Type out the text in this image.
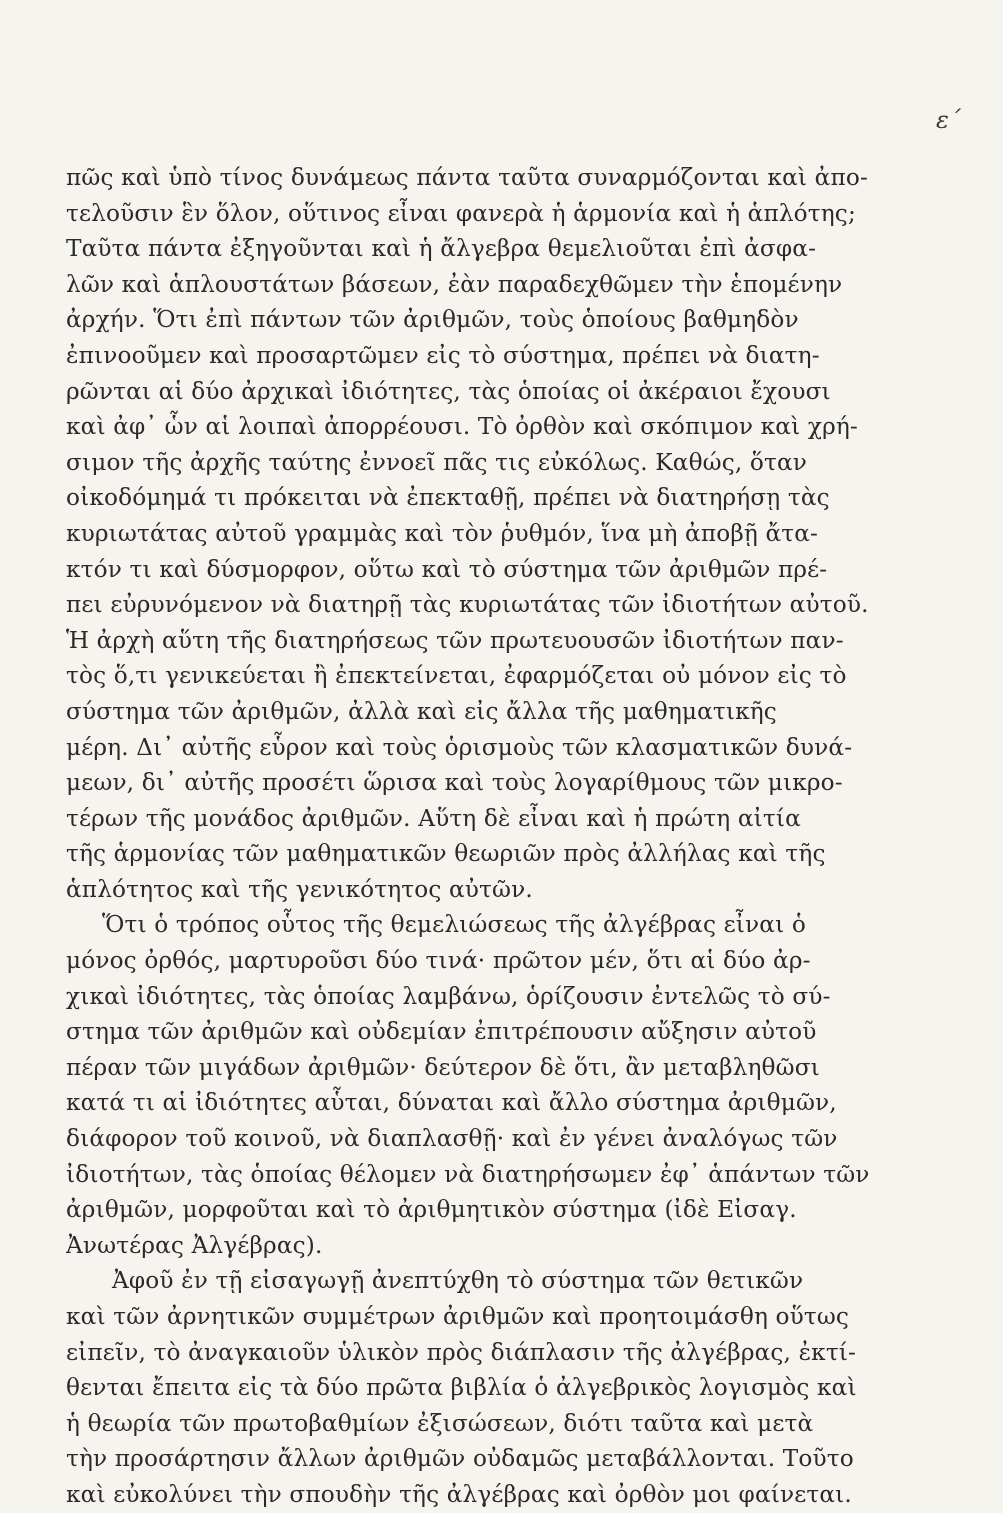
ε΄
πῶς καὶ ὑπὸ τίνος δυνάμεως πάντα ταῦτα συναρμόζονται καὶ ἀπο-
τελοῦσιν ἓν ὅλον, οὕτινος εἶναι φανερὰ ἡ ἁρμονία καὶ ἡ ἁπλότης;
Ταῦτα πάντα ἐξηγοῦνται καὶ ἡ ἄλγεβρα θεμελιοῦται ἐπὶ ἀσφα-
λῶν καὶ ἁπλουστάτων βάσεων, ἐὰν παραδεχθῶμεν τὴν ἑπομένην
ἀρχήν. Ὅτι ἐπὶ πάντων τῶν ἀριθμῶν, τοὺς ὁποίους βαθμηδὸν
ἐπινοοῦμεν καὶ προσαρτῶμεν εἰς τὸ σύστημα, πρέπει νὰ διατη-
ρῶνται αἱ δύο ἀρχικαὶ ἰδιότητες, τὰς ὁποίας οἱ ἀκέραιοι ἔχουσι
καὶ ἀφ᾽ ὧν αἱ λοιπαὶ ἀπορρέουσι. Τὸ ὀρθὸν καὶ σκόπιμον καὶ χρή-
σιμον τῆς ἀρχῆς ταύτης ἐννοεῖ πᾶς τις εὐκόλως. Καθώς, ὅταν
οἰκοδόμημά τι πρόκειται νὰ ἐπεκταθῇ, πρέπει νὰ διατηρήσῃ τὰς
κυριωτάτας αὐτοῦ γραμμὰς καὶ τὸν ῥυθμόν, ἵνα μὴ ἀποβῇ ἄτα-
κτόν τι καὶ δύσμορφον, οὕτω καὶ τὸ σύστημα τῶν ἀριθμῶν πρέ-
πει εὐρυνόμενον νὰ διατηρῇ τὰς κυριωτάτας τῶν ἰδιοτήτων αὐτοῦ.
Ἡ ἀρχὴ αὕτη τῆς διατηρήσεως τῶν πρωτευουσῶν ἰδιοτήτων παν-
τὸς ὅ,τι γενικεύεται ἢ ἐπεκτείνεται, ἐφαρμόζεται οὐ μόνον εἰς τὸ
σύστημα τῶν ἀριθμῶν, ἀλλὰ καὶ εἰς ἄλλα τῆς μαθηματικῆς
μέρη. Δι᾽ αὐτῆς εὗρον καὶ τοὺς ὁρισμοὺς τῶν κλασματικῶν δυνά-
μεων, δι᾽ αὐτῆς προσέτι ὥρισα καὶ τοὺς λογαρίθμους τῶν μικρο-
τέρων τῆς μονάδος ἀριθμῶν. Αὕτη δὲ εἶναι καὶ ἡ πρώτη αἰτία
τῆς ἁρμονίας τῶν μαθηματικῶν θεωριῶν πρὸς ἀλλήλας καὶ τῆς
ἁπλότητος καὶ τῆς γενικότητος αὐτῶν.
Ὅτι ὁ τρόπος οὗτος τῆς θεμελιώσεως τῆς ἀλγέβρας εἶναι ὁ
μόνος ὀρθός, μαρτυροῦσι δύο τινά· πρῶτον μέν, ὅτι αἱ δύο ἀρ-
χικαὶ ἰδιότητες, τὰς ὁποίας λαμβάνω, ὁρίζουσιν ἐντελῶς τὸ σύ-
στημα τῶν ἀριθμῶν καὶ οὐδεμίαν ἐπιτρέπουσιν αὔξησιν αὐτοῦ
πέραν τῶν μιγάδων ἀριθμῶν· δεύτερον δὲ ὅτι, ἂν μεταβληθῶσι
κατά τι αἱ ἰδιότητες αὗται, δύναται καὶ ἄλλο σύστημα ἀριθμῶν,
διάφορον τοῦ κοινοῦ, νὰ διαπλασθῇ· καὶ ἐν γένει ἀναλόγως τῶν
ἰδιοτήτων, τὰς ὁποίας θέλομεν νὰ διατηρήσωμεν ἐφ᾽ ἁπάντων τῶν
ἀριθμῶν, μορφοῦται καὶ τὸ ἀριθμητικὸν σύστημα (ἰδὲ Εἰσαγ.
Ἀνωτέρας Ἀλγέβρας).
Ἀφοῦ ἐν τῇ εἰσαγωγῇ ἀνεπτύχθη τὸ σύστημα τῶν θετικῶν
καὶ τῶν ἀρνητικῶν συμμέτρων ἀριθμῶν καὶ προητοιμάσθη οὕτως
εἰπεῖν, τὸ ἀναγκαιοῦν ὑλικὸν πρὸς διάπλασιν τῆς ἀλγέβρας, ἐκτί-
θενται ἔπειτα εἰς τὰ δύο πρῶτα βιβλία ὁ ἀλγεβρικὸς λογισμὸς καὶ
ἡ θεωρία τῶν πρωτοβαθμίων ἐξισώσεων, διότι ταῦτα καὶ μετὰ
τὴν προσάρτησιν ἄλλων ἀριθμῶν οὐδαμῶς μεταβάλλονται. Τοῦτο
καὶ εὐκολύνει τὴν σπουδὴν τῆς ἀλγέβρας καὶ ὀρθὸν μοι φαίνεται.
